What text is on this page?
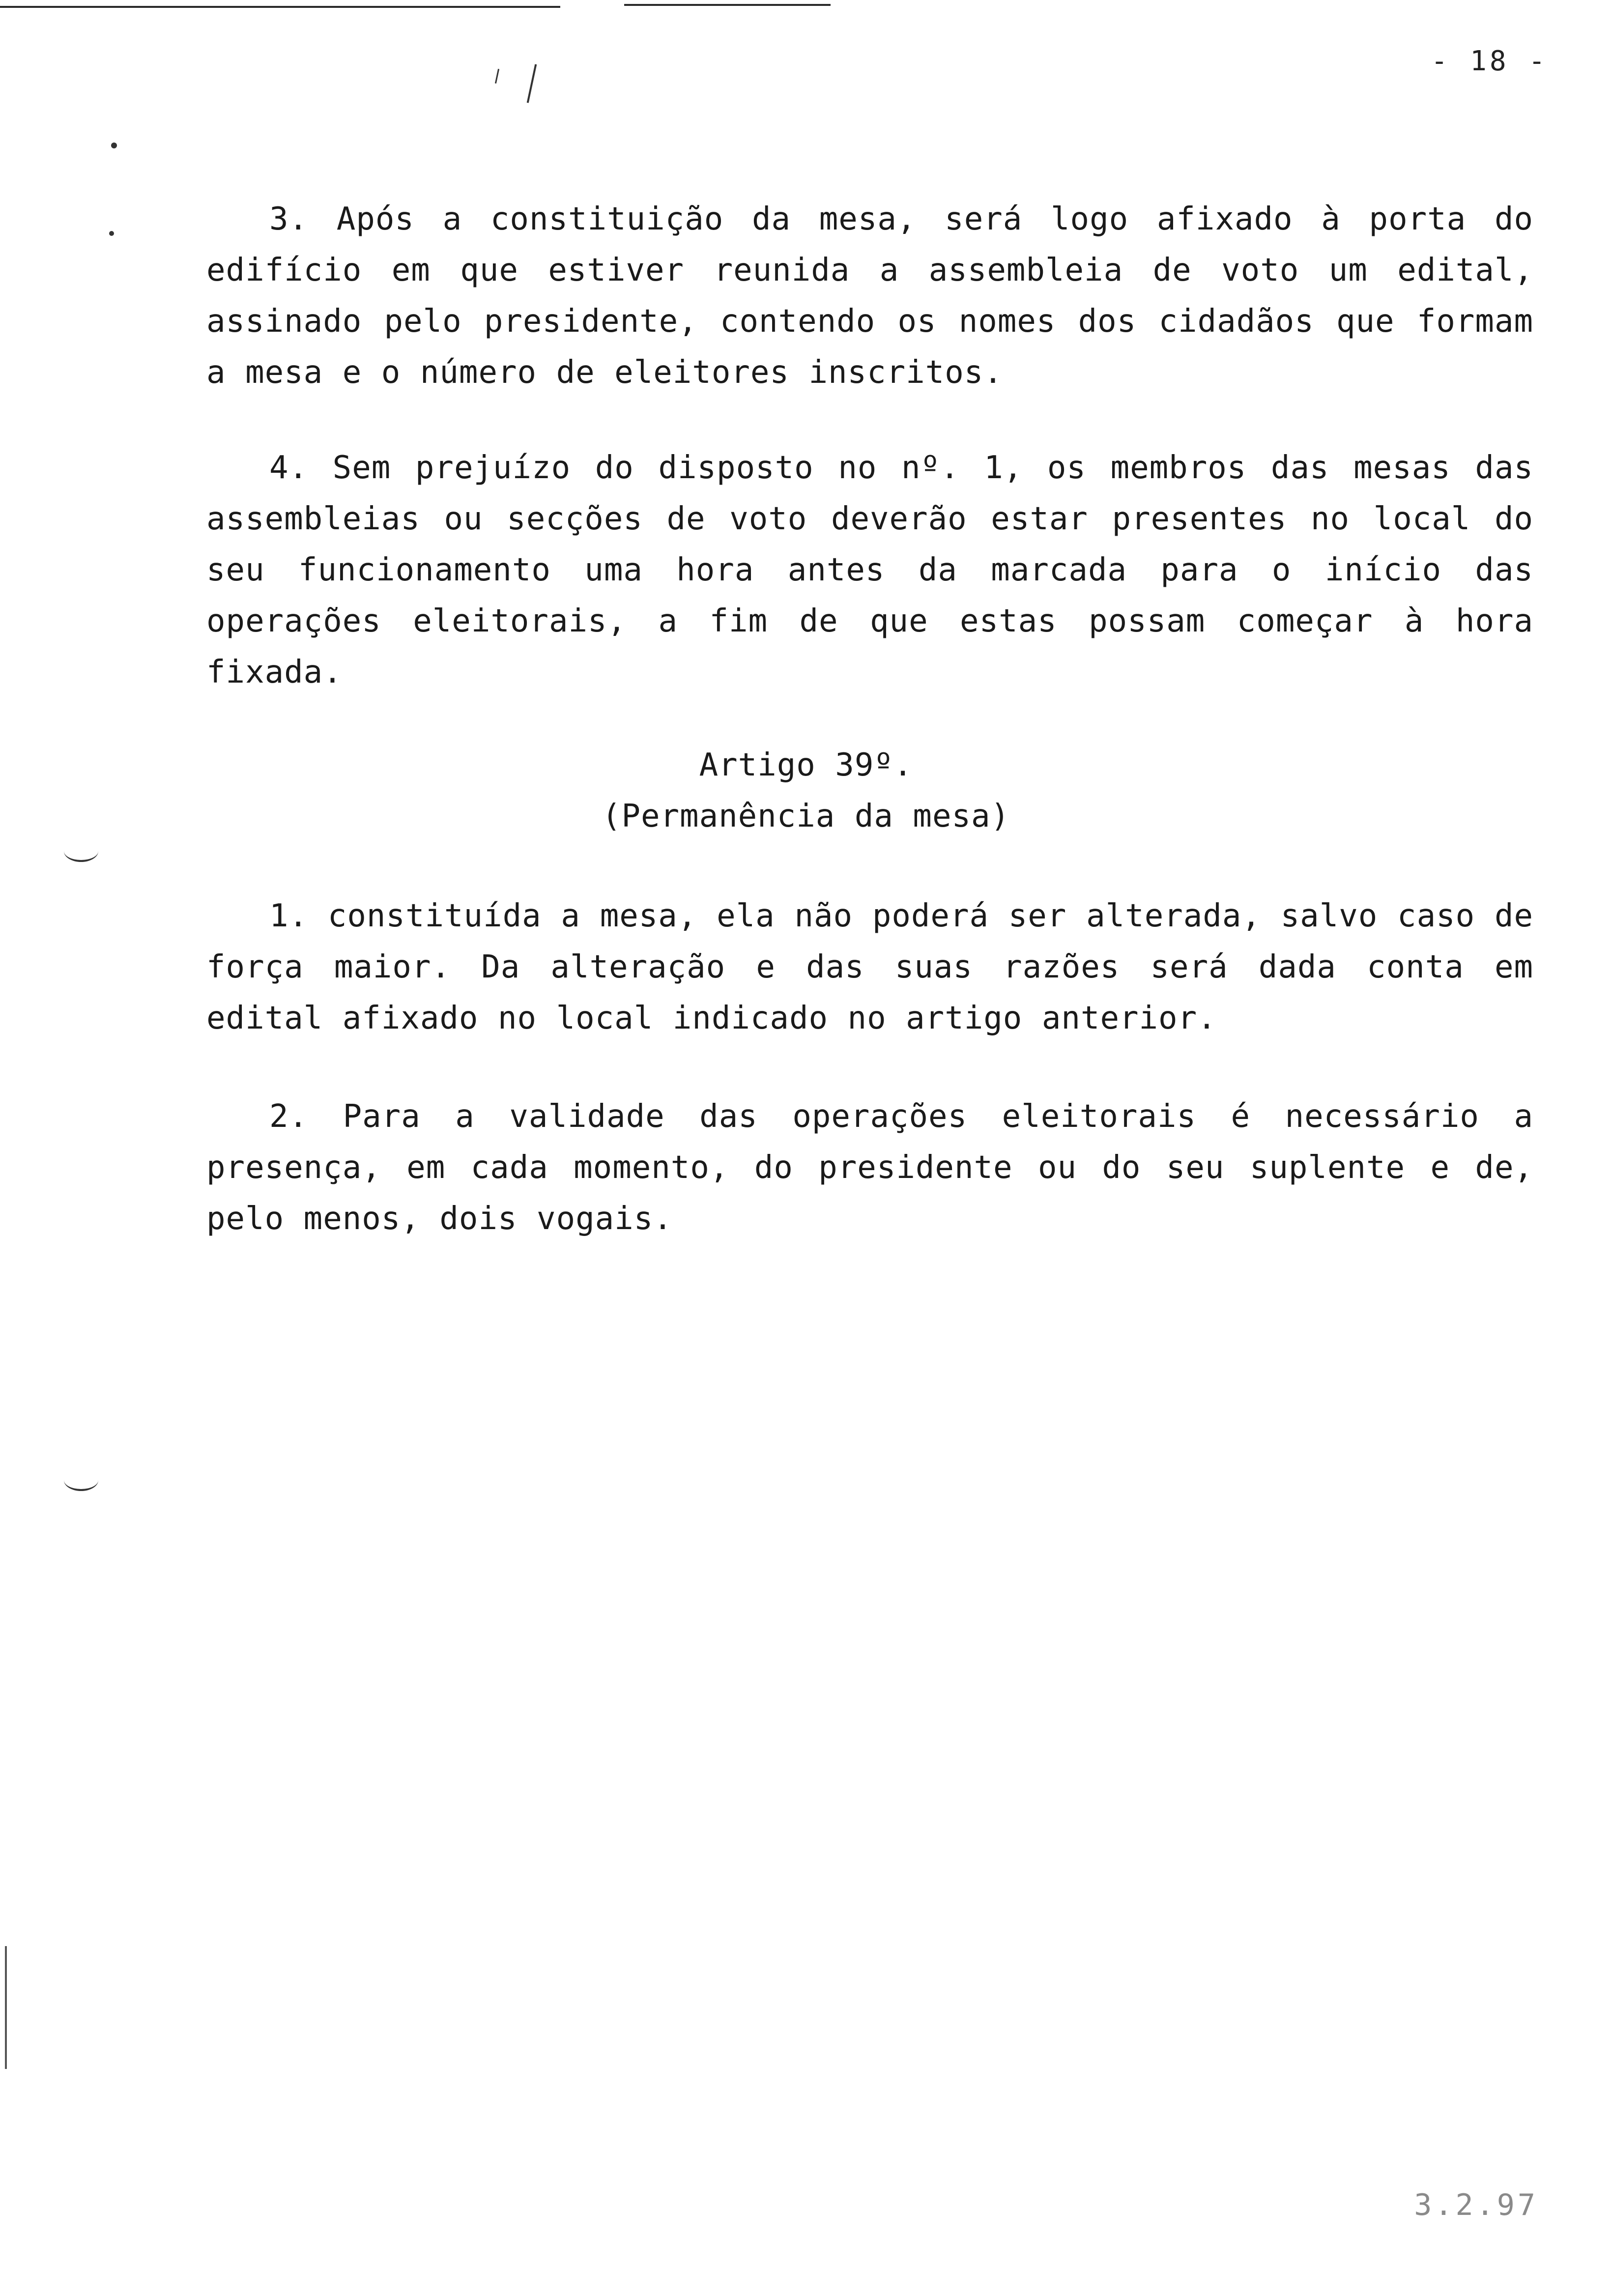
- 18 -

3. Após a constituição da mesa, será logo afixado à porta do edifício em que estiver reunida a assembleia de voto um edital, assinado pelo presidente, contendo os nomes dos cidadãos que formam a mesa e o número de eleitores inscritos.

4. Sem prejuízo do disposto no nº. 1, os membros das mesas das assembleias ou secções de voto deverão estar presentes no local do seu funcionamento uma hora antes da marcada para o início das operações eleitorais, a fim de que estas possam começar à hora fixada.

Artigo 39º.
(Permanência da mesa)

1. constituída a mesa, ela não poderá ser alterada, salvo caso de força maior. Da alteração e das suas razões será dada conta em edital afixado no local indicado no artigo anterior.

2. Para a validade das operações eleitorais é necessário a presença, em cada momento, do presidente ou do seu suplente e de, pelo menos, dois vogais.

3.2.97
